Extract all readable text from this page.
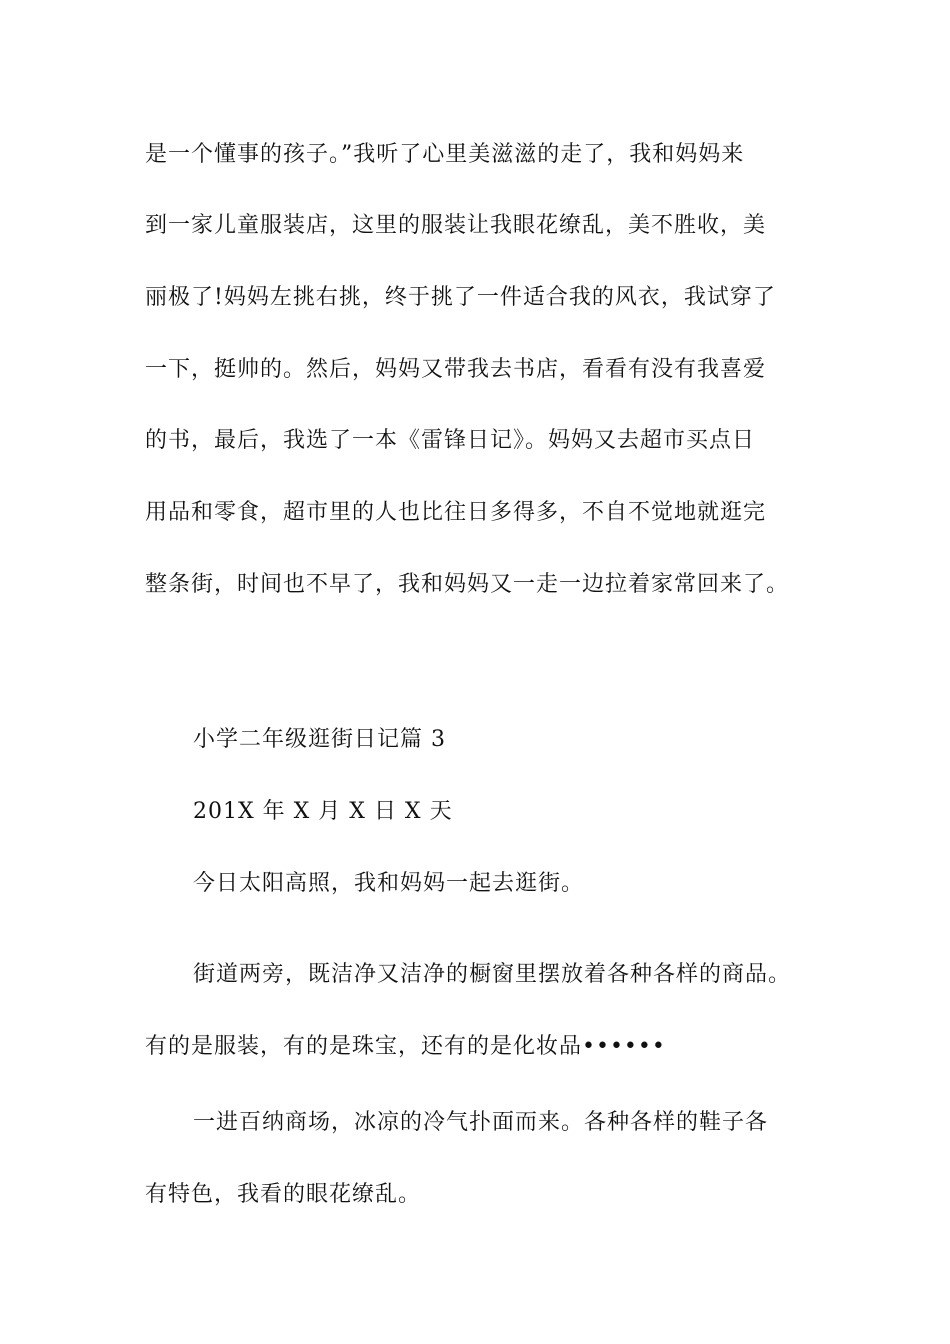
是一个懂事的孩子。”我听了心里美滋滋的走了，我和妈妈来
到一家儿童服装店，这里的服装让我眼花缭乱，美不胜收，美
丽极了!妈妈左挑右挑，终于挑了一件适合我的风衣，我试穿了
一下，挺帅的。然后，妈妈又带我去书店，看看有没有我喜爱
的书，最后，我选了一本《雷锋日记》。妈妈又去超市买点日
用品和零食，超市里的人也比往日多得多，不自不觉地就逛完
整条街，时间也不早了，我和妈妈又一走一边拉着家常回来了。
小学二年级逛街日记篇 3
201X 年 X 月 X 日 X 天
今日太阳高照，我和妈妈一起去逛街。
街道两旁，既洁净又洁净的橱窗里摆放着各种各样的商品。
有的是服装，有的是珠宝，还有的是化妆品••••••
一进百纳商场，冰凉的冷气扑面而来。各种各样的鞋子各
有特色，我看的眼花缭乱。
